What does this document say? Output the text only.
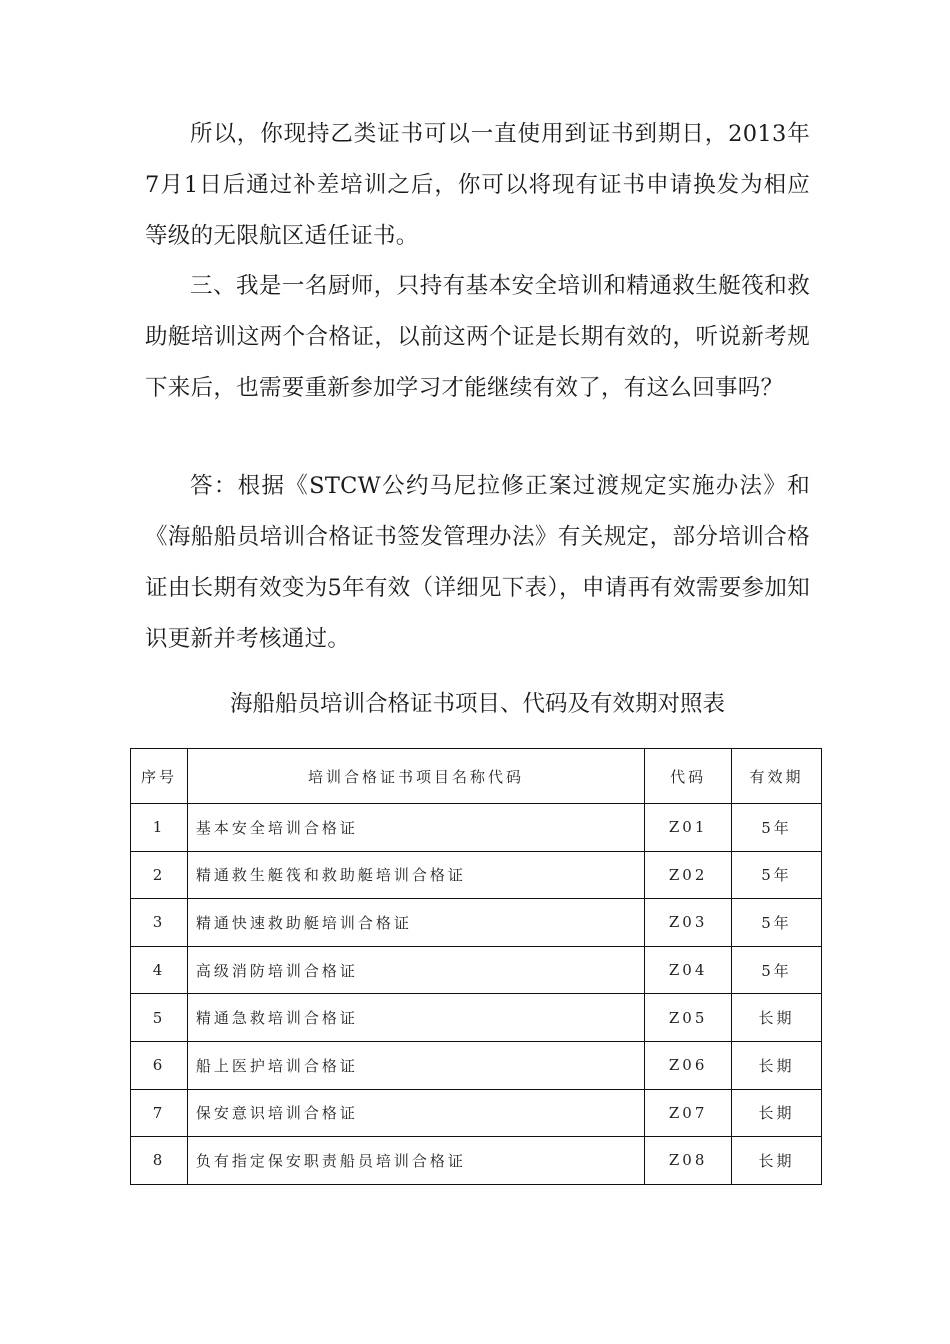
所以，你现持乙类证书可以一直使用到证书到期日，2013年7月1日后通过补差培训之后，你可以将现有证书申请换发为相应等级的无限航区适任证书。

三、我是一名厨师，只持有基本安全培训和精通救生艇筏和救助艇培训这两个合格证，以前这两个证是长期有效的，听说新考规下来后，也需要重新参加学习才能继续有效了，有这么回事吗？

答：根据《STCW公约马尼拉修正案过渡规定实施办法》和《海船船员培训合格证书签发管理办法》有关规定，部分培训合格证由长期有效变为5年有效（详细见下表），申请再有效需要参加知识更新并考核通过。

海船船员培训合格证书项目、代码及有效期对照表

序号	培训合格证书项目名称代码	代码	有效期
1	基本安全培训合格证	Z01	5年
2	精通救生艇筏和救助艇培训合格证	Z02	5年
3	精通快速救助艇培训合格证	Z03	5年
4	高级消防培训合格证	Z04	5年
5	精通急救培训合格证	Z05	长期
6	船上医护培训合格证	Z06	长期
7	保安意识培训合格证	Z07	长期
8	负有指定保安职责船员培训合格证	Z08	长期
